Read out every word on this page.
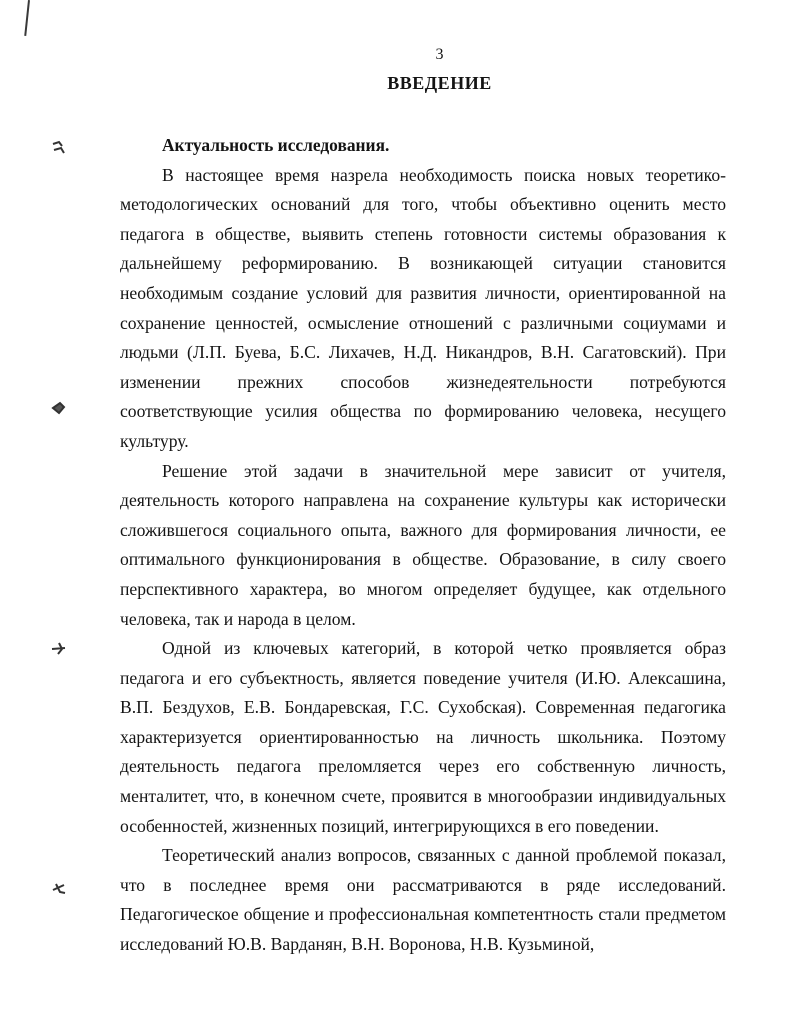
3
ВВЕДЕНИЕ

Актуальность исследования.

В настоящее время назрела необходимость поиска новых теоретико-методологических оснований для того, чтобы объективно оценить место педагога в обществе, выявить степень готовности системы образования к дальнейшему реформированию. В возникающей ситуации становится необходимым создание условий для развития личности, ориентированной на сохранение ценностей, осмысление отношений с различными социумами и людьми (Л.П. Буева, Б.С. Лихачев, Н.Д. Никандров, В.Н. Сагатовский). При изменении прежних способов жизнедеятельности потребуются соответствующие усилия общества по формированию человека, несущего культуру.

Решение этой задачи в значительной мере зависит от учителя, деятельность которого направлена на сохранение культуры как исторически сложившегося социального опыта, важного для формирования личности, ее оптимального функционирования в обществе. Образование, в силу своего перспективного характера, во многом определяет будущее, как отдельного человека, так и народа в целом.

Одной из ключевых категорий, в которой четко проявляется образ педагога и его субъектность, является поведение учителя (И.Ю. Алексашина, В.П. Бездухов, Е.В. Бондаревская, Г.С. Сухобская). Современная педагогика характеризуется ориентированностью на личность школьника. Поэтому деятельность педагога преломляется через его собственную личность, менталитет, что, в конечном счете, проявится в многообразии индивидуальных особенностей, жизненных позиций, интегрирующихся в его поведении.

Теоретический анализ вопросов, связанных с данной проблемой показал, что в последнее время они рассматриваются в ряде исследований. Педагогическое общение и профессиональная компетентность стали предметом исследований Ю.В. Варданян, В.Н. Воронова, Н.В. Кузьминой,
